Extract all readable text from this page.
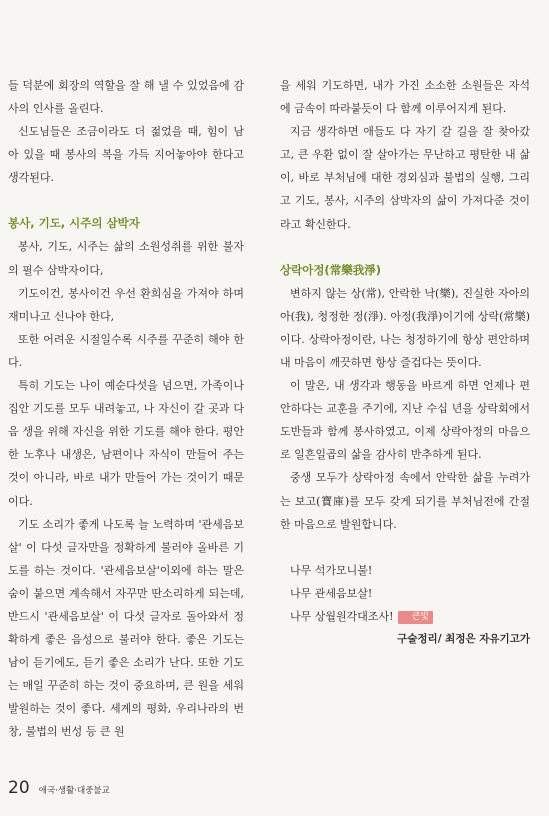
들 덕분에 회장의 역할을 잘 해 낼 수 있었음에 감사의 인사를 올린다.

신도님들은 조금이라도 더 젊었을 때, 힘이 남아 있을 때 봉사의 복을 가득 지어놓아야 한다고 생각된다.

봉사, 기도, 시주의 삼박자

봉사, 기도, 시주는 삶의 소원성취를 위한 불자의 필수 삼박자이다,

기도이건, 봉사이건 우선 환희심을 가져야 하며 재미나고 신나야 한다,

또한 어려운 시절일수록 시주를 꾸준히 해야 한다.

특히 기도는 나이 예순다섯을 넘으면, 가족이나 집안 기도를 모두 내려놓고, 나 자신이 갈 곳과 다음 생을 위해 자신을 위한 기도를 해야 한다. 평안한 노후나 내생은, 남편이나 자식이 만들어 주는 것이 아니라, 바로 내가 만들어 가는 것이기 때문이다.

기도 소리가 좋게 나도록 늘 노력하며 '관세음보살' 이 다섯 글자만을 정확하게 불러야 올바른 기도를 하는 것이다. '관세음보살'이외에 하는 말은 숨이 붙으면 계속해서 자꾸만 딴소리하게 되는데, 반드시 '관세음보살' 이 다섯 글자로 돌아와서 정확하게 좋은 음성으로 불러야 한다. 좋은 기도는 남이 듣기에도, 듣기 좋은 소리가 난다. 또한 기도는 매일 꾸준히 하는 것이 중요하며, 큰 원을 세워 발원하는 것이 좋다. 세계의 평화, 우리나라의 번창, 불법의 번성 등 큰 원

을 세워 기도하면, 내가 가진 소소한 소원들은 자석에 금속이 따라붙듯이 다 함께 이루어지게 된다.

지금 생각하면 애들도 다 자기 갈 길을 잘 찾아갔고, 큰 우환 없이 잘 살아가는 무난하고 평탄한 내 삶이, 바로 부처님에 대한 경외심과 불법의 실행, 그리고 기도, 봉사, 시주의 삼박자의 삶이 가져다준 것이라고 확신한다.

상락아정(常樂我淨)

변하지 않는 상(常), 안락한 낙(樂), 진실한 자아의 아(我), 청정한 정(淨). 아정(我淨)이기에 상락(常樂)이다. 상락아정이란, 나는 청정하기에 항상 편안하며 내 마음이 깨끗하면 항상 즐겁다는 뜻이다.

이 말은, 내 생각과 행동을 바르게 하면 언제나 편안하다는 교훈을 주기에, 지난 수십 년을 상락회에서 도반들과 함께 봉사하였고, 이제 상락아정의 마음으로 일흔일곱의 삶을 감사히 반추하게 된다.

중생 모두가 상락아정 속에서 안락한 삶을 누려가는 보고(寶庫)를 모두 갖게 되기를 부처님전에 간절한 마음으로 발원합니다.

나무 석가모니불!

나무 관세음보살!

나무 상월원각대조사! 큰빛

구술정리/ 최정은 자유기고가

20 애국·생활·대중불교
